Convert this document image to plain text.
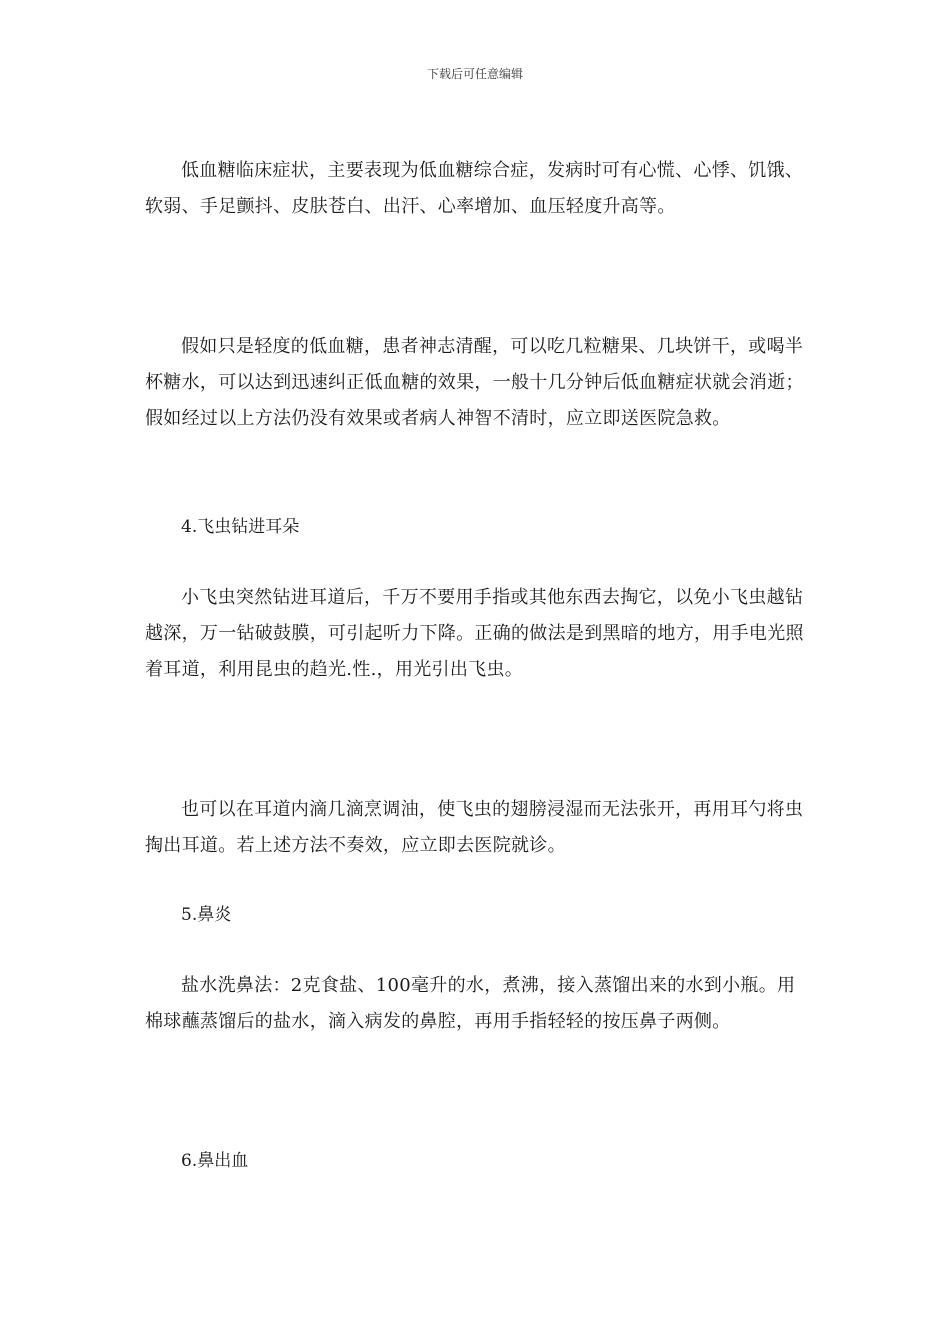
下载后可任意编辑

低血糖临床症状，主要表现为低血糖综合症，发病时可有心慌、心悸、饥饿、软弱、手足颤抖、皮肤苍白、出汗、心率增加、血压轻度升高等。

假如只是轻度的低血糖，患者神志清醒，可以吃几粒糖果、几块饼干，或喝半杯糖水，可以达到迅速纠正低血糖的效果，一般十几分钟后低血糖症状就会消逝；假如经过以上方法仍没有效果或者病人神智不清时，应立即送医院急救。

4.飞虫钻进耳朵

小飞虫突然钻进耳道后，千万不要用手指或其他东西去掏它，以免小飞虫越钻越深，万一钻破鼓膜，可引起听力下降。正确的做法是到黑暗的地方，用手电光照着耳道，利用昆虫的趋光.性.，用光引出飞虫。

也可以在耳道内滴几滴烹调油，使飞虫的翅膀浸湿而无法张开，再用耳勺将虫掏出耳道。若上述方法不奏效，应立即去医院就诊。

5.鼻炎

盐水洗鼻法：2克食盐、100毫升的水，煮沸，接入蒸馏出来的水到小瓶。用棉球蘸蒸馏后的盐水，滴入病发的鼻腔，再用手指轻轻的按压鼻子两侧。

6.鼻出血
